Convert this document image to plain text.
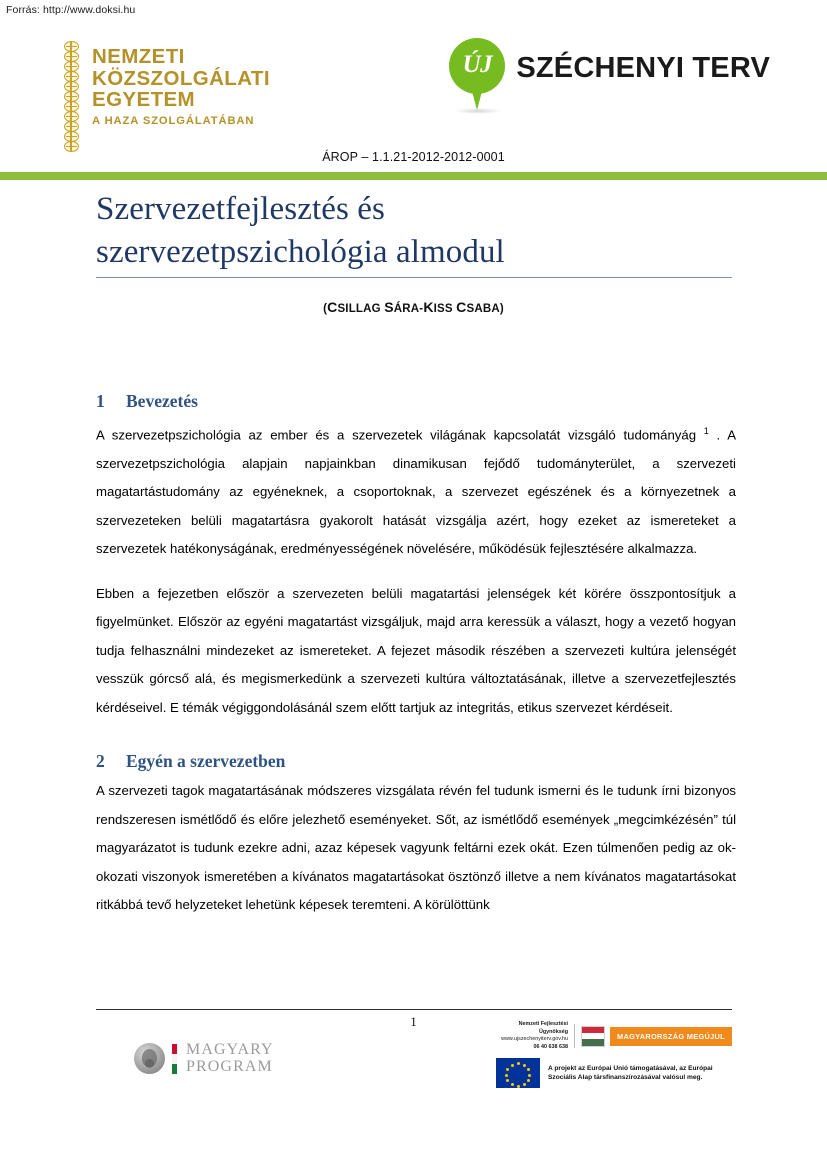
Forrás: http://www.doksi.hu
NEMZETI
KÖZSZOLGÁLATI
EGYETEM
A HAZA SZOLGÁLATÁBAN
ÚJ SZÉCHENYI TERV
ÁROP – 1.1.21-2012-2012-0001
Szervezetfejlesztés és
szervezetpszichológia almodul
(CSILLAG SÁRA-KISS CSABA)
1	Bevezetés

A szervezetpszichológia az ember és a szervezetek világának kapcsolatát vizsgáló tudományág $^1$ . A szervezetpszichológia alapjain napjainkban dinamikusan fejődő tudományterület, a szervezeti magatartástudomány az egyéneknek, a csoportoknak, a szervezet egészének és a környezetnek a szervezeteken belüli magatartásra gyakorolt hatását vizsgálja azért, hogy ezeket az ismereteket a szervezetek hatékonyságának, eredményességének növelésére, működésük fejlesztésére alkalmazza.

Ebben a fejezetben először a szervezeten belüli magatartási jelenségek két körére összpontosítjuk a figyelmünket. Először az egyéni magatartást vizsgáljuk, majd arra keressük a választ, hogy a vezető hogyan tudja felhasználni mindezeket az ismereteket. A fejezet második részében a szervezeti kultúra jelenségét vesszük górcső alá, és megismerkedünk a szervezeti kultúra változtatásának, illetve a szervezetfejlesztés kérdéseivel. E témák végiggondolásánál szem előtt tartjuk az integritás, etikus szervezet kérdéseit.

2	Egyén a szervezetben

A szervezeti tagok magatartásának módszeres vizsgálata révén fel tudunk ismerni és le tudunk írni bizonyos rendszeresen ismétlődő és előre jelezhető eseményeket. Sőt, az ismétlődő események „megcimkézésén” túl magyarázatot is tudunk ezekre adni, azaz képesek vagyunk feltárni ezek okát. Ezen túlmenően pedig az ok-okozati viszonyok ismeretében a kívánatos magatartásokat ösztönző illetve a nem kívánatos magatartásokat ritkábbá tevő helyzeteket lehetünk képesek teremteni. A körülöttünk

1
MAGYARY
PROGRAM
Nemzeti Fejlesztési Ügynökség
www.ujszechenyiterv.gov.hu
06 40 638 638
MAGYARORSZÁG MEGÚJUL
A projekt az Európai Unió támogatásával, az Európai
Szociális Alap társfinanszírozásával valósul meg.
